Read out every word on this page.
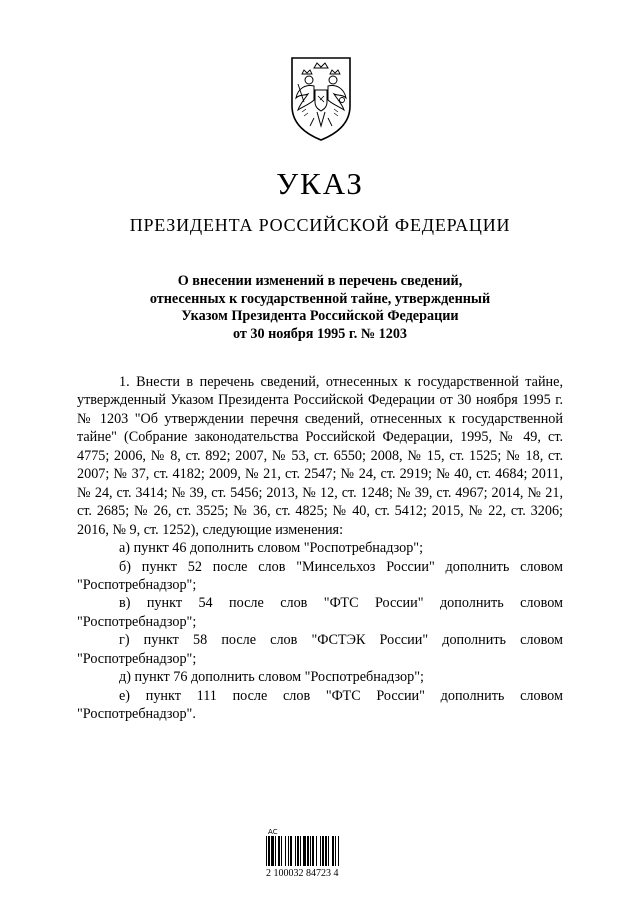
УКАЗ
ПРЕЗИДЕНТА РОССИЙСКОЙ ФЕДЕРАЦИИ
О внесении изменений в перечень сведений,
отнесенных к государственной тайне, утвержденный
Указом Президента Российской Федерации
от 30 ноября 1995 г. № 1203

1. Внести в перечень сведений, отнесенных к государственной тайне, утвержденный Указом Президента Российской Федерации от 30 ноября 1995 г. № 1203 "Об утверждении перечня сведений, отнесенных к государственной тайне" (Собрание законодательства Российской Федерации, 1995, № 49, ст. 4775; 2006, № 8, ст. 892; 2007, № 53, ст. 6550; 2008, № 15, ст. 1525; № 18, ст. 2007; № 37, ст. 4182; 2009, № 21, ст. 2547; № 24, ст. 2919; № 40, ст. 4684; 2011, № 24, ст. 3414; № 39, ст. 5456; 2013, № 12, ст. 1248; № 39, ст. 4967; 2014, № 21, ст. 2685; № 26, ст. 3525; № 36, ст. 4825; № 40, ст. 5412; 2015, № 22, ст. 3206; 2016, № 9, ст. 1252), следующие изменения:

а) пункт 46 дополнить словом "Роспотребнадзор";

б) пункт 52 после слов "Минсельхоз России" дополнить словом "Роспотребнадзор";

в) пункт 54 после слов "ФТС России" дополнить словом "Роспотребнадзор";

г) пункт 58 после слов "ФСТЭК России" дополнить словом "Роспотребнадзор";

д) пункт 76 дополнить словом "Роспотребнадзор";

е) пункт 111 после слов "ФТС России" дополнить словом "Роспотребнадзор".

АС
2 100032 84723 4
